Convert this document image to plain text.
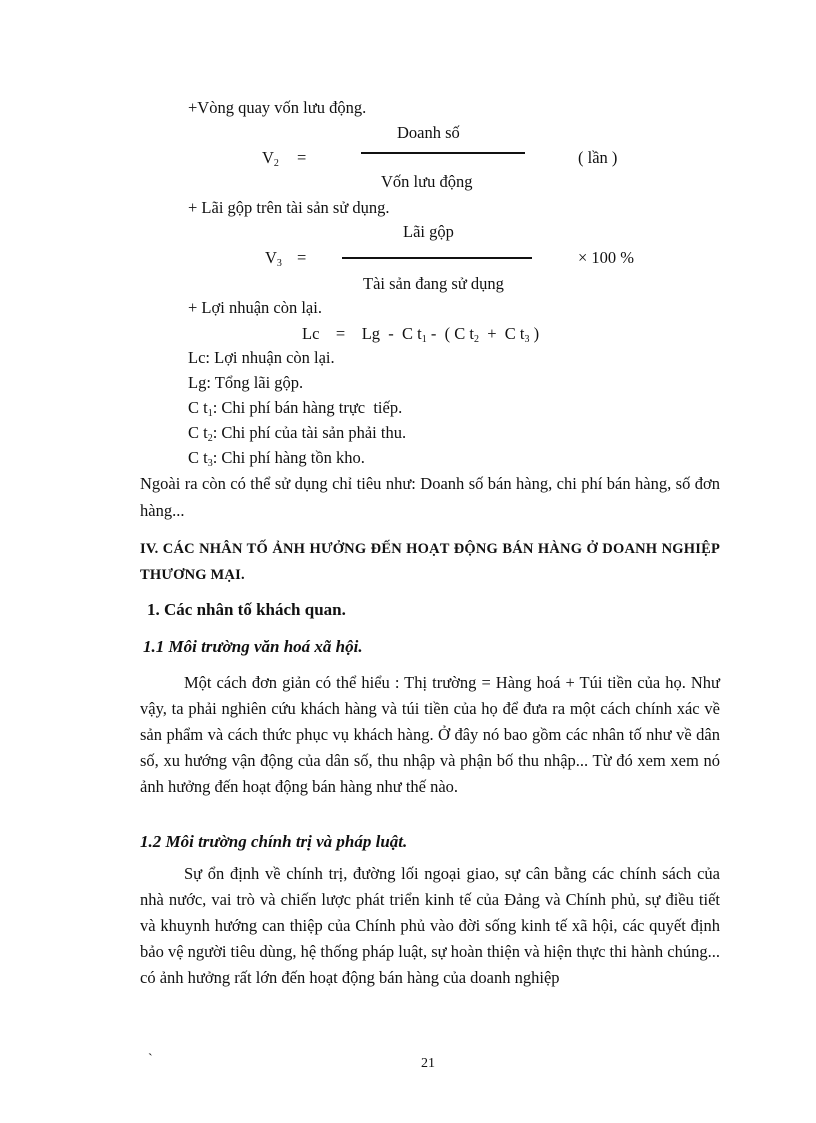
+Vòng quay vốn lưu động.
Doanh số
$V_2$ =	( lần )
Vốn lưu động
+ Lãi gộp trên tài sản sử dụng.
Lãi gộp
$V_3$ =	× 100 %
Tài sản đang sử dụng
+ Lợi nhuận còn lại.
Lc = Lg  -  C $t_1$ -  ( C $t_2 + C$ $t_3$ )
Lc: Lợi nhuận còn lại.
Lg: Tổng lãi gộp.
C $t_1$: Chi phí bán hàng trực  tiếp.
C $t_2$: Chi phí của tài sản phải thu.
C $t_3$: Chi phí hàng tồn kho.
Ngoài ra còn có thể sử dụng chỉ tiêu như: Doanh số bán hàng, chi phí bán hàng, số đơn hàng...
IV. CÁC NHÂN TỐ ẢNH HƯỞNG ĐẾN HOẠT ĐỘNG BÁN HÀNG Ở DOANH NGHIỆP THƯƠNG MẠI.
1. Các nhân tố khách quan.
1.1 Môi trường văn hoá xã hội.
Một cách đơn giản có thể hiểu : Thị trường = Hàng hoá + Túi tiền của họ. Như vậy, ta phải nghiên cứu khách hàng và túi tiền của họ để đưa ra một cách chính xác về sản phẩm và cách thức phục vụ khách hàng. Ở đây nó bao gồm các nhân tố như về dân số, xu hướng vận động của dân số, thu nhập và phận bố thu nhập... Từ đó xem xem nó ảnh hưởng đến hoạt động bán hàng như thế nào.
1.2 Môi trường chính trị và pháp luật.
Sự ổn định về chính trị, đường lối ngoại giao, sự cân bằng các chính sách của nhà nước, vai trò và chiến lược phát triển kinh tế của Đảng và Chính phủ, sự điều tiết và khuynh hướng can thiệp của Chính phủ vào đời sống kinh tế xã hội, các quyết định bảo vệ người tiêu dùng, hệ thống pháp luật, sự hoàn thiện và hiện thực thi hành chúng... có ảnh hưởng rất lớn đến hoạt động bán hàng của doanh nghiệp
`	21
